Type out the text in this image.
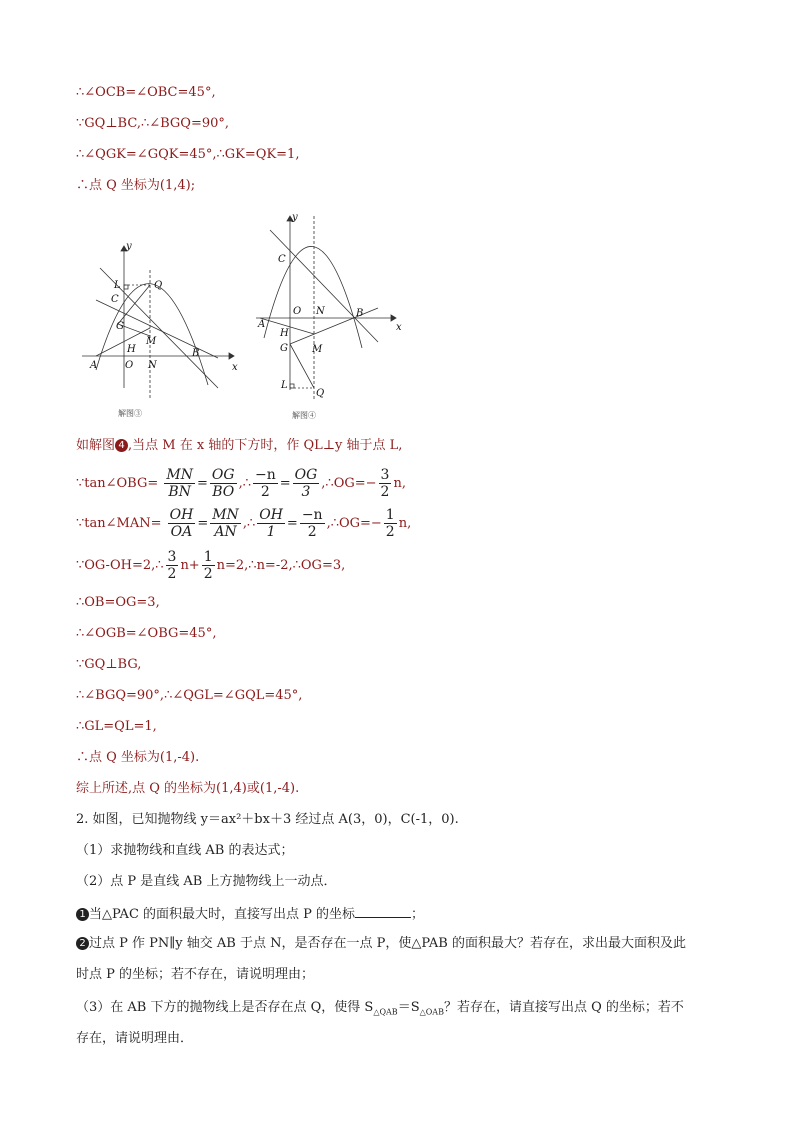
∴∠OCB=∠OBC=45°,
∵GQ⊥BC,∴∠BGQ=90°,
∴∠QGK=∠GQK=45°,∴GK=QK=1,
∴点 Q 坐标为(1,4);
y
x
L
C
Q
G
M
H
A	O N
B
解图③
y
x
C
O N	B
A
H
G M
L
Q
解图④
如解图 4 ,当点 M 在 x 轴的下方时，作 QL⊥y 轴于点 L,
∵tan∠OBG= $\frac{MN}{BN} = \frac{OG}{BO}$ ,∴ $\frac{-n}{2} = \frac{OG}{3}$ ,∴OG=− $\frac{3}{2} n$,
∵tan∠MAN= $\frac{OH}{OA} = \frac{MN}{AN}$ ,∴ $\frac{OH}{1} = \frac{-n}{2}$ ,∴OG=− $\frac{1}{2} n$,
∵OG-OH=2,∴ $\frac{3}{2} n+ \frac{1}{2}$ n=2,∴n=-2,∴OG=3,
∴OB=OG=3,
∴∠OGB=∠OBG=45°,
∵GQ⊥BG,
∴∠BGQ=90°,∴∠QGL=∠GQL=45°,
∴GL=QL=1,
∴点 Q 坐标为(1,-4).
综上所述,点 Q 的坐标为(1,4)或(1,-4).
2. 如图，已知抛物线 y＝ax²＋bx＋3 经过点 A(3，0)，C(-1，0).
（1）求抛物线和直线 AB 的表达式；
（2）点 P 是直线 AB 上方抛物线上一动点．
1 当△PAC 的面积最大时，直接写出点 P 的坐标	；
2 过点 P 作 PN∥y 轴交 AB 于点 N，是否存在一点 P，使△PAB 的面积最大？若存在，求出最大面积及此
时点 P 的坐标；若不存在，请说明理由；
（3）在 AB 下方的抛物线上是否存在点 Q，使得 $S_{\triangle QAB}=S_{\triangle OAB}$？若存在，请直接写出点 Q 的坐标；若不
存在，请说明理由．
